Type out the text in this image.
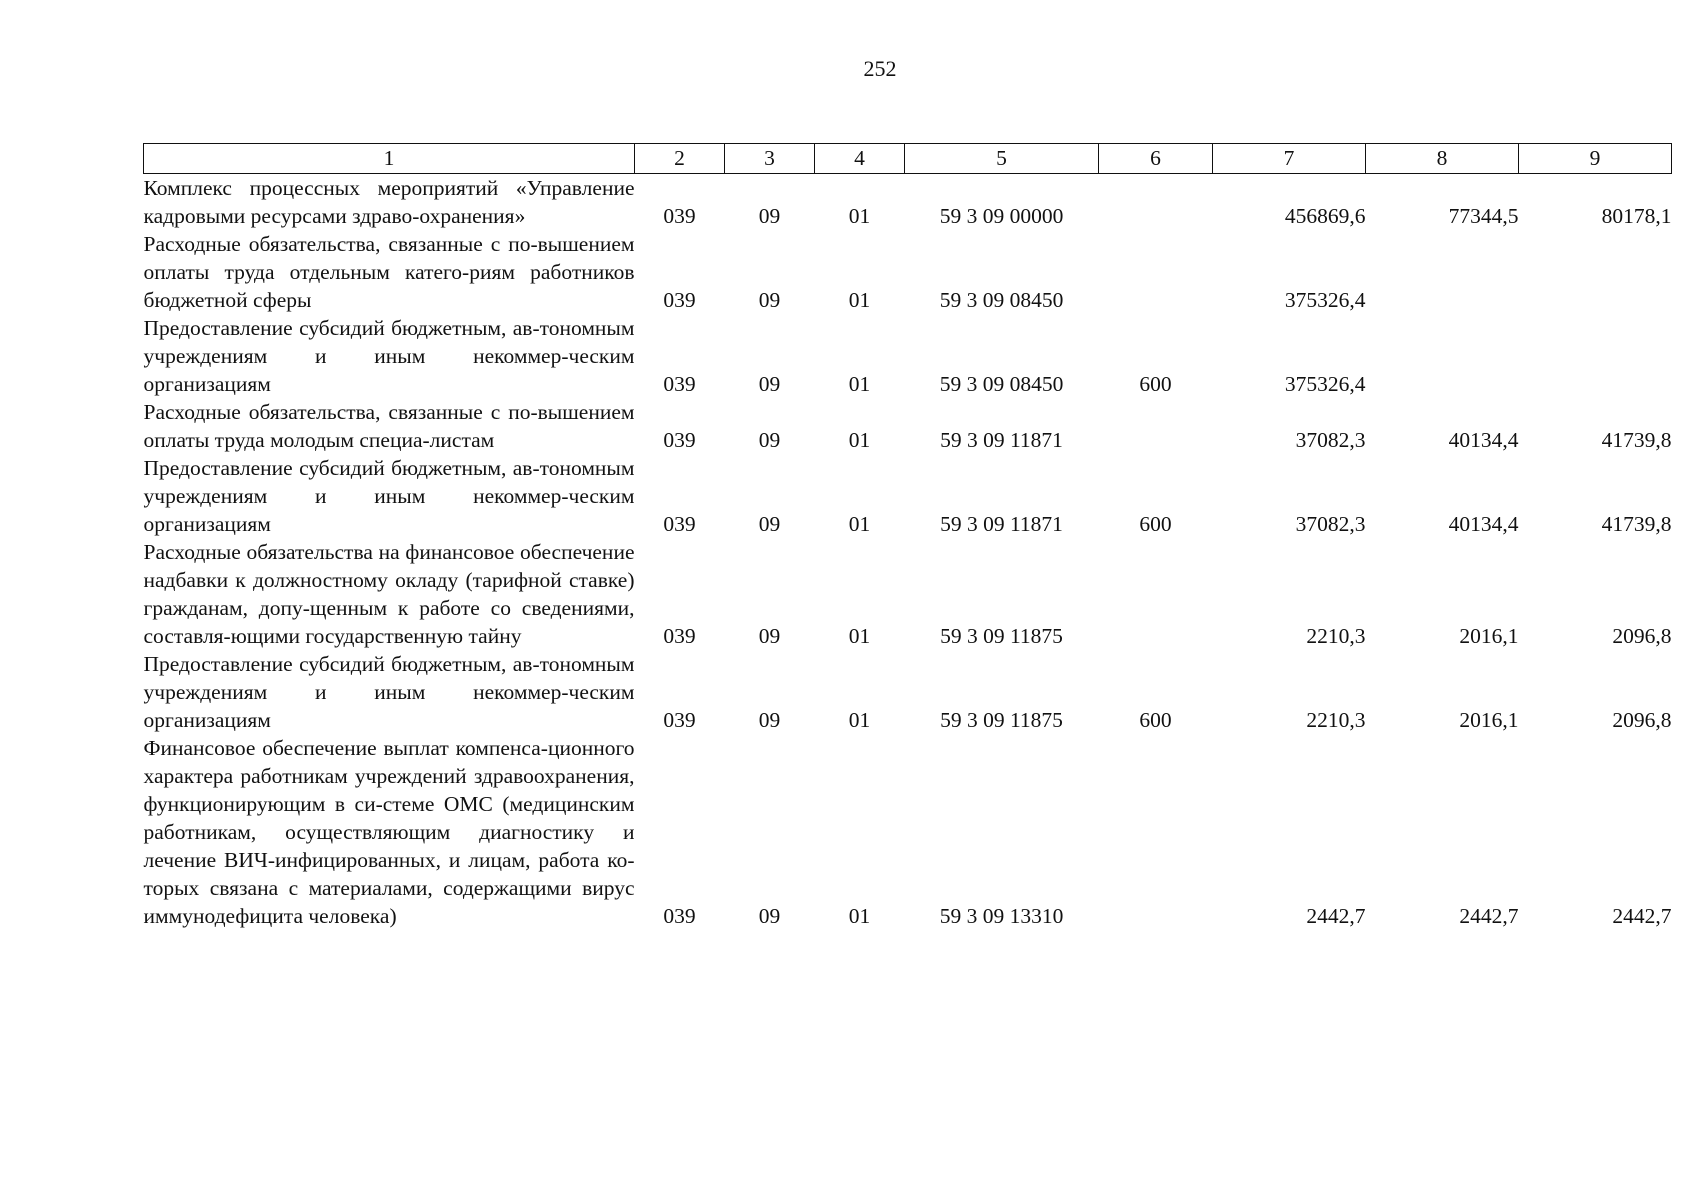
252
1	2	3	4	5	6	7	8	9
Комплекс процессных мероприятий «Управление кадровыми ресурсами здраво-охранения»	039	09	01	59 3 09 00000		456869,6	77344,5	80178,1
Расходные обязательства, связанные с по-вышением оплаты труда отдельным катего-риям работников бюджетной сферы	039	09	01	59 3 09 08450		375326,4		
Предоставление субсидий бюджетным, ав-тономным учреждениям и иным некоммер-ческим организациям	039	09	01	59 3 09 08450	600	375326,4		
Расходные обязательства, связанные с по-вышением оплаты труда молодым специа-листам	039	09	01	59 3 09 11871		37082,3	40134,4	41739,8
Предоставление субсидий бюджетным, ав-тономным учреждениям и иным некоммер-ческим организациям	039	09	01	59 3 09 11871	600	37082,3	40134,4	41739,8
Расходные обязательства на финансовое обеспечение надбавки к должностному окладу (тарифной ставке) гражданам, допу-щенным к работе со сведениями, составля-ющими государственную тайну	039	09	01	59 3 09 11875		2210,3	2016,1	2096,8
Предоставление субсидий бюджетным, ав-тономным учреждениям и иным некоммер-ческим организациям	039	09	01	59 3 09 11875	600	2210,3	2016,1	2096,8
Финансовое обеспечение выплат компенса-ционного характера работникам учреждений здравоохранения, функционирующим в си-стеме ОМС (медицинским работникам, осуществляющим диагностику и лечение ВИЧ-инфицированных, и лицам, работа ко-торых связана с материалами, содержащими вирус иммунодефицита человека)	039	09	01	59 3 09 13310		2442,7	2442,7	2442,7
